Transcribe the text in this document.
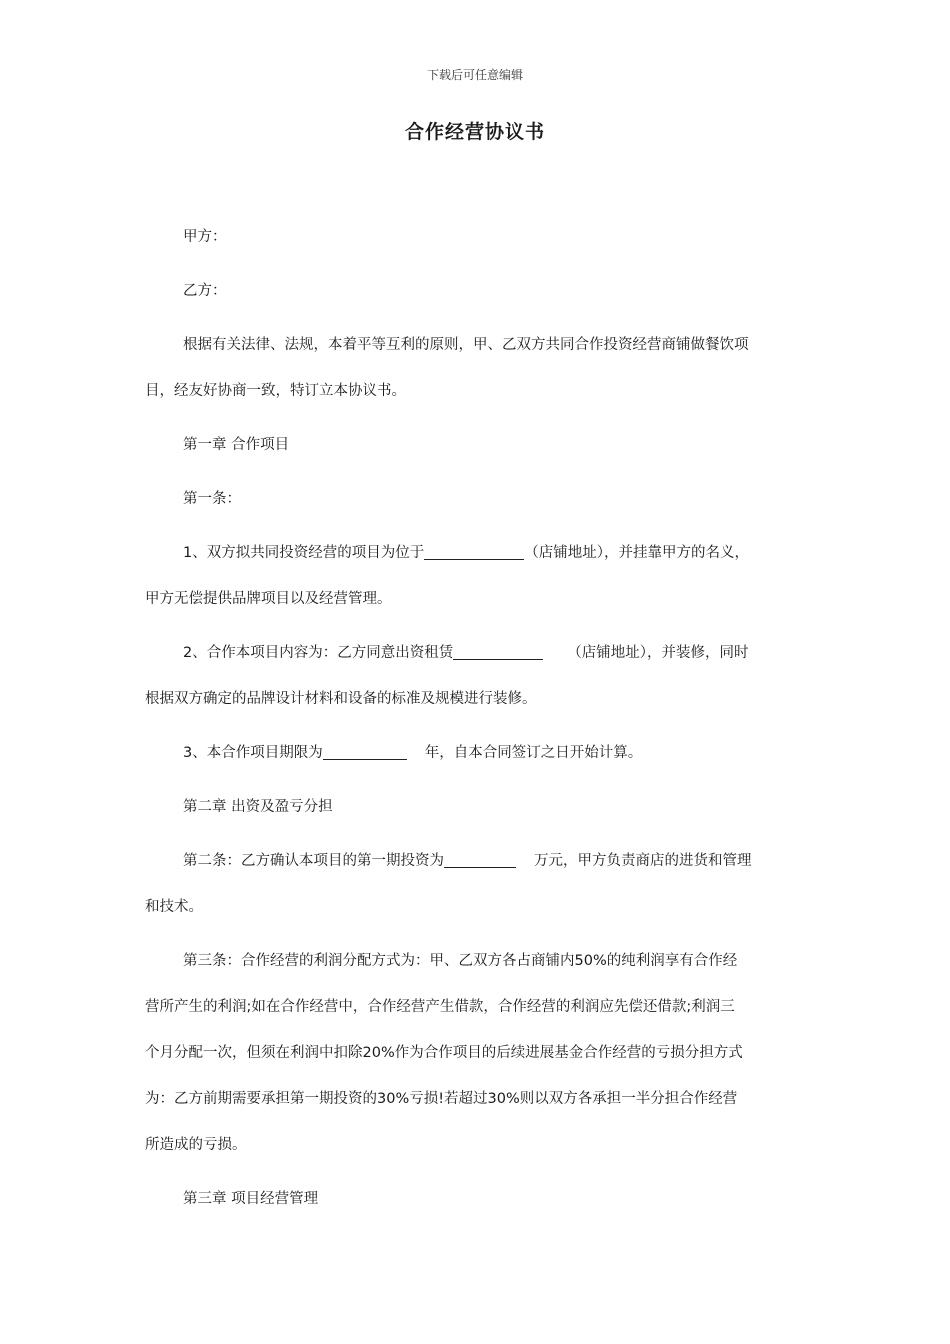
下载后可任意编辑
合作经营协议书

甲方：

乙方：

根据有关法律、法规，本着平等互利的原则，甲、乙双方共同合作投资经营商铺做餐饮项

目，经友好协商一致，特订立本协议书。

第一章 合作项目

第一条：

1、双方拟共同投资经营的项目为位于	（店铺地址），并挂靠甲方的名义，

甲方无偿提供品牌项目以及经营管理。

2、合作本项目内容为：乙方同意出资租赁	（店铺地址），并装修，同时

根据双方确定的品牌设计材料和设备的标准及规模进行装修。

3、本合作项目期限为	年，自本合同签订之日开始计算。

第二章 出资及盈亏分担

第二条：乙方确认本项目的第一期投资为	万元，甲方负责商店的进货和管理

和技术。

第三条：合作经营的利润分配方式为：甲、乙双方各占商铺内50%的纯利润享有合作经

营所产生的利润;如在合作经营中，合作经营产生借款，合作经营的利润应先偿还借款;利润三

个月分配一次，但须在利润中扣除20%作为合作项目的后续进展基金合作经营的亏损分担方式

为：乙方前期需要承担第一期投资的30%亏损!若超过30%则以双方各承担一半分担合作经营

所造成的亏损。

第三章 项目经营管理
